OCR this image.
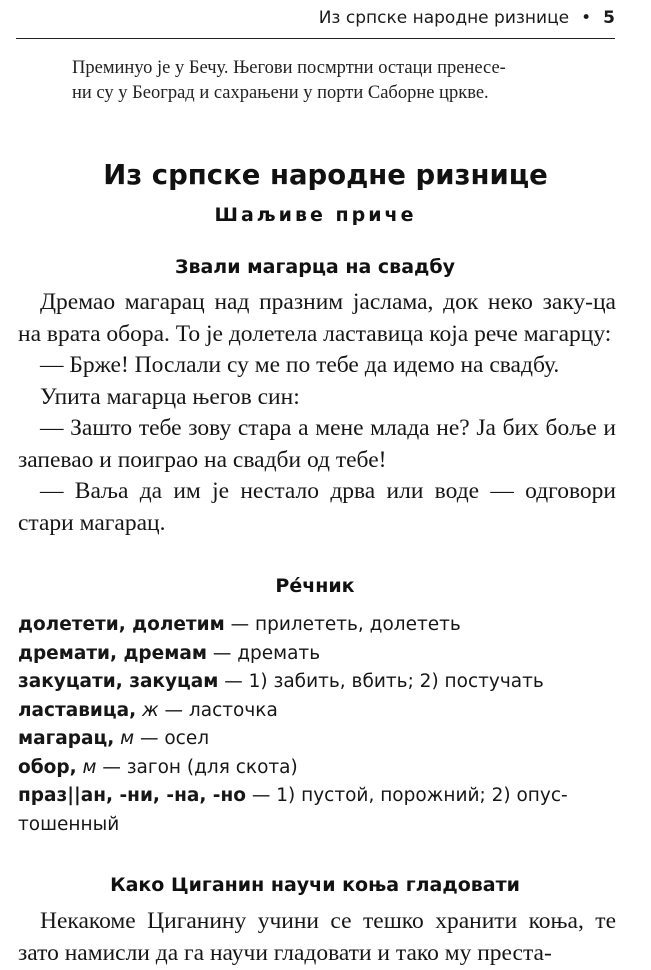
Из српске народне ризнице • 5

Преминуо је у Бечу. Његови посмртни остаци пренесе-

ни су у Београд и сахрањени у порти Саборне цркве.

Из српске народне ризнице
Шаљиве приче
Звали магарца на свадбу

Дремао магарац над празним јаслама, док неко заку-ца на врата обора. То је долетела ластавица која рече магарцу:

— Брже! Послали су ме по тебе да идемо на свадбу.

Упита магарца његов син:

— Зашто тебе зову стара а мене млада не? Ја бих боље и запевао и поиграо на свадби од тебе!

— Ваља да им је нестало дрва или воде — одговори стари магарац.

Ре́чник

долетети, долетим — прилететь, долететь

дремати, дремам — дремать

закуцати, закуцам — 1) забить, вбить; 2) постучать

ластавица, ж — ласточка

магарац, м — осел

обор, м — загон (для скота)

праз||ан, -ни, -на, -но — 1) пустой, порожний; 2) опус-тошенный

Како Циганин научи коња гладовати

Некакоме Циганину учини се тешко хранити коња, те зато намисли да га научи гладовати и тако му преста-
